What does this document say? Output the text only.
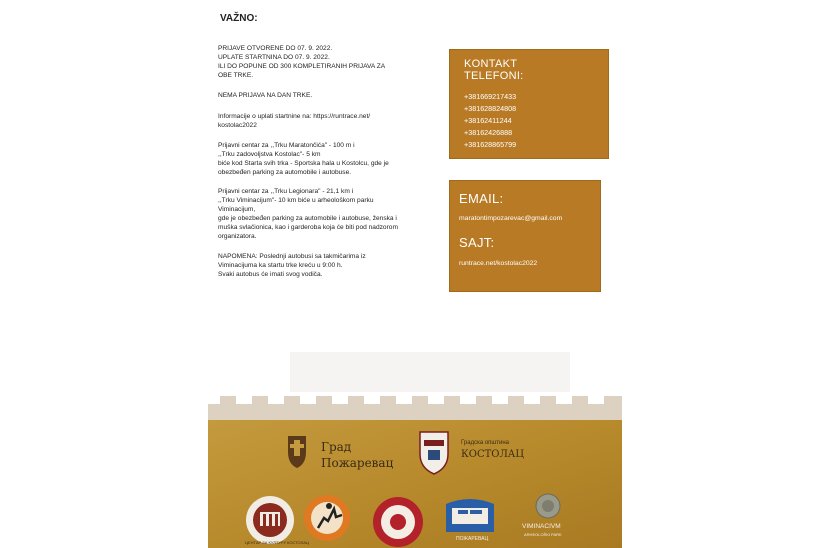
VAŽNO:
PRIJAVE OTVORENE DO 07. 9. 2022.
UPLATE STARTNINA DO 07. 9. 2022.
ILI DO POPUNE OD 300 KOMPLETIRANIH PRIJAVA ZA
OBE TRKE.
NEMA PRIJAVA NA DAN TRKE.
Informacije o uplati startnine na: https://runtrace.net/
kostolac2022
Prijavni centar za ,,Trku Maratončića" - 100 m i
,,Trku zadovoljstva Kostolac"- 5 km
biće kod Starta svih trka - Sportska hala u Kostolcu, gde je
obezbeđen parking za automobile i autobuse.
Prijavni centar za ,,Trku Legionara" - 21,1 km i
,,Trku Viminacijum"- 10 km biće u arheološkom parku
Viminacijum,
gde je obezbeđen parking za automobile i autobuse, ženska i
muška svlačionica, kao i garderoba koja će biti pod nadzorom
organizatora.
NAPOMENA: Poslednji autobusi sa takmičarima iz
Viminacijuma ka startu trke kreću u 9:00 h.
Svaki autobus će imati svog vodiča.
KONTAKT
TELEFONI:
+381669217433
+381628824808
+38162411244
+38162426888
+381628865799
EMAIL:
maratontimpozarevac@gmail.com
SAJT:
runtrace.net/kostolac2022
Град
Пожаревац
Градска општина
КОСТОЛАЦ
ЦЕНТАР ЗА КУЛТУРУ КОСТОЛАЦ
ПОЖАРЕВАЦ
VIMINACIVM
ARHEOLOŠKI PARK
